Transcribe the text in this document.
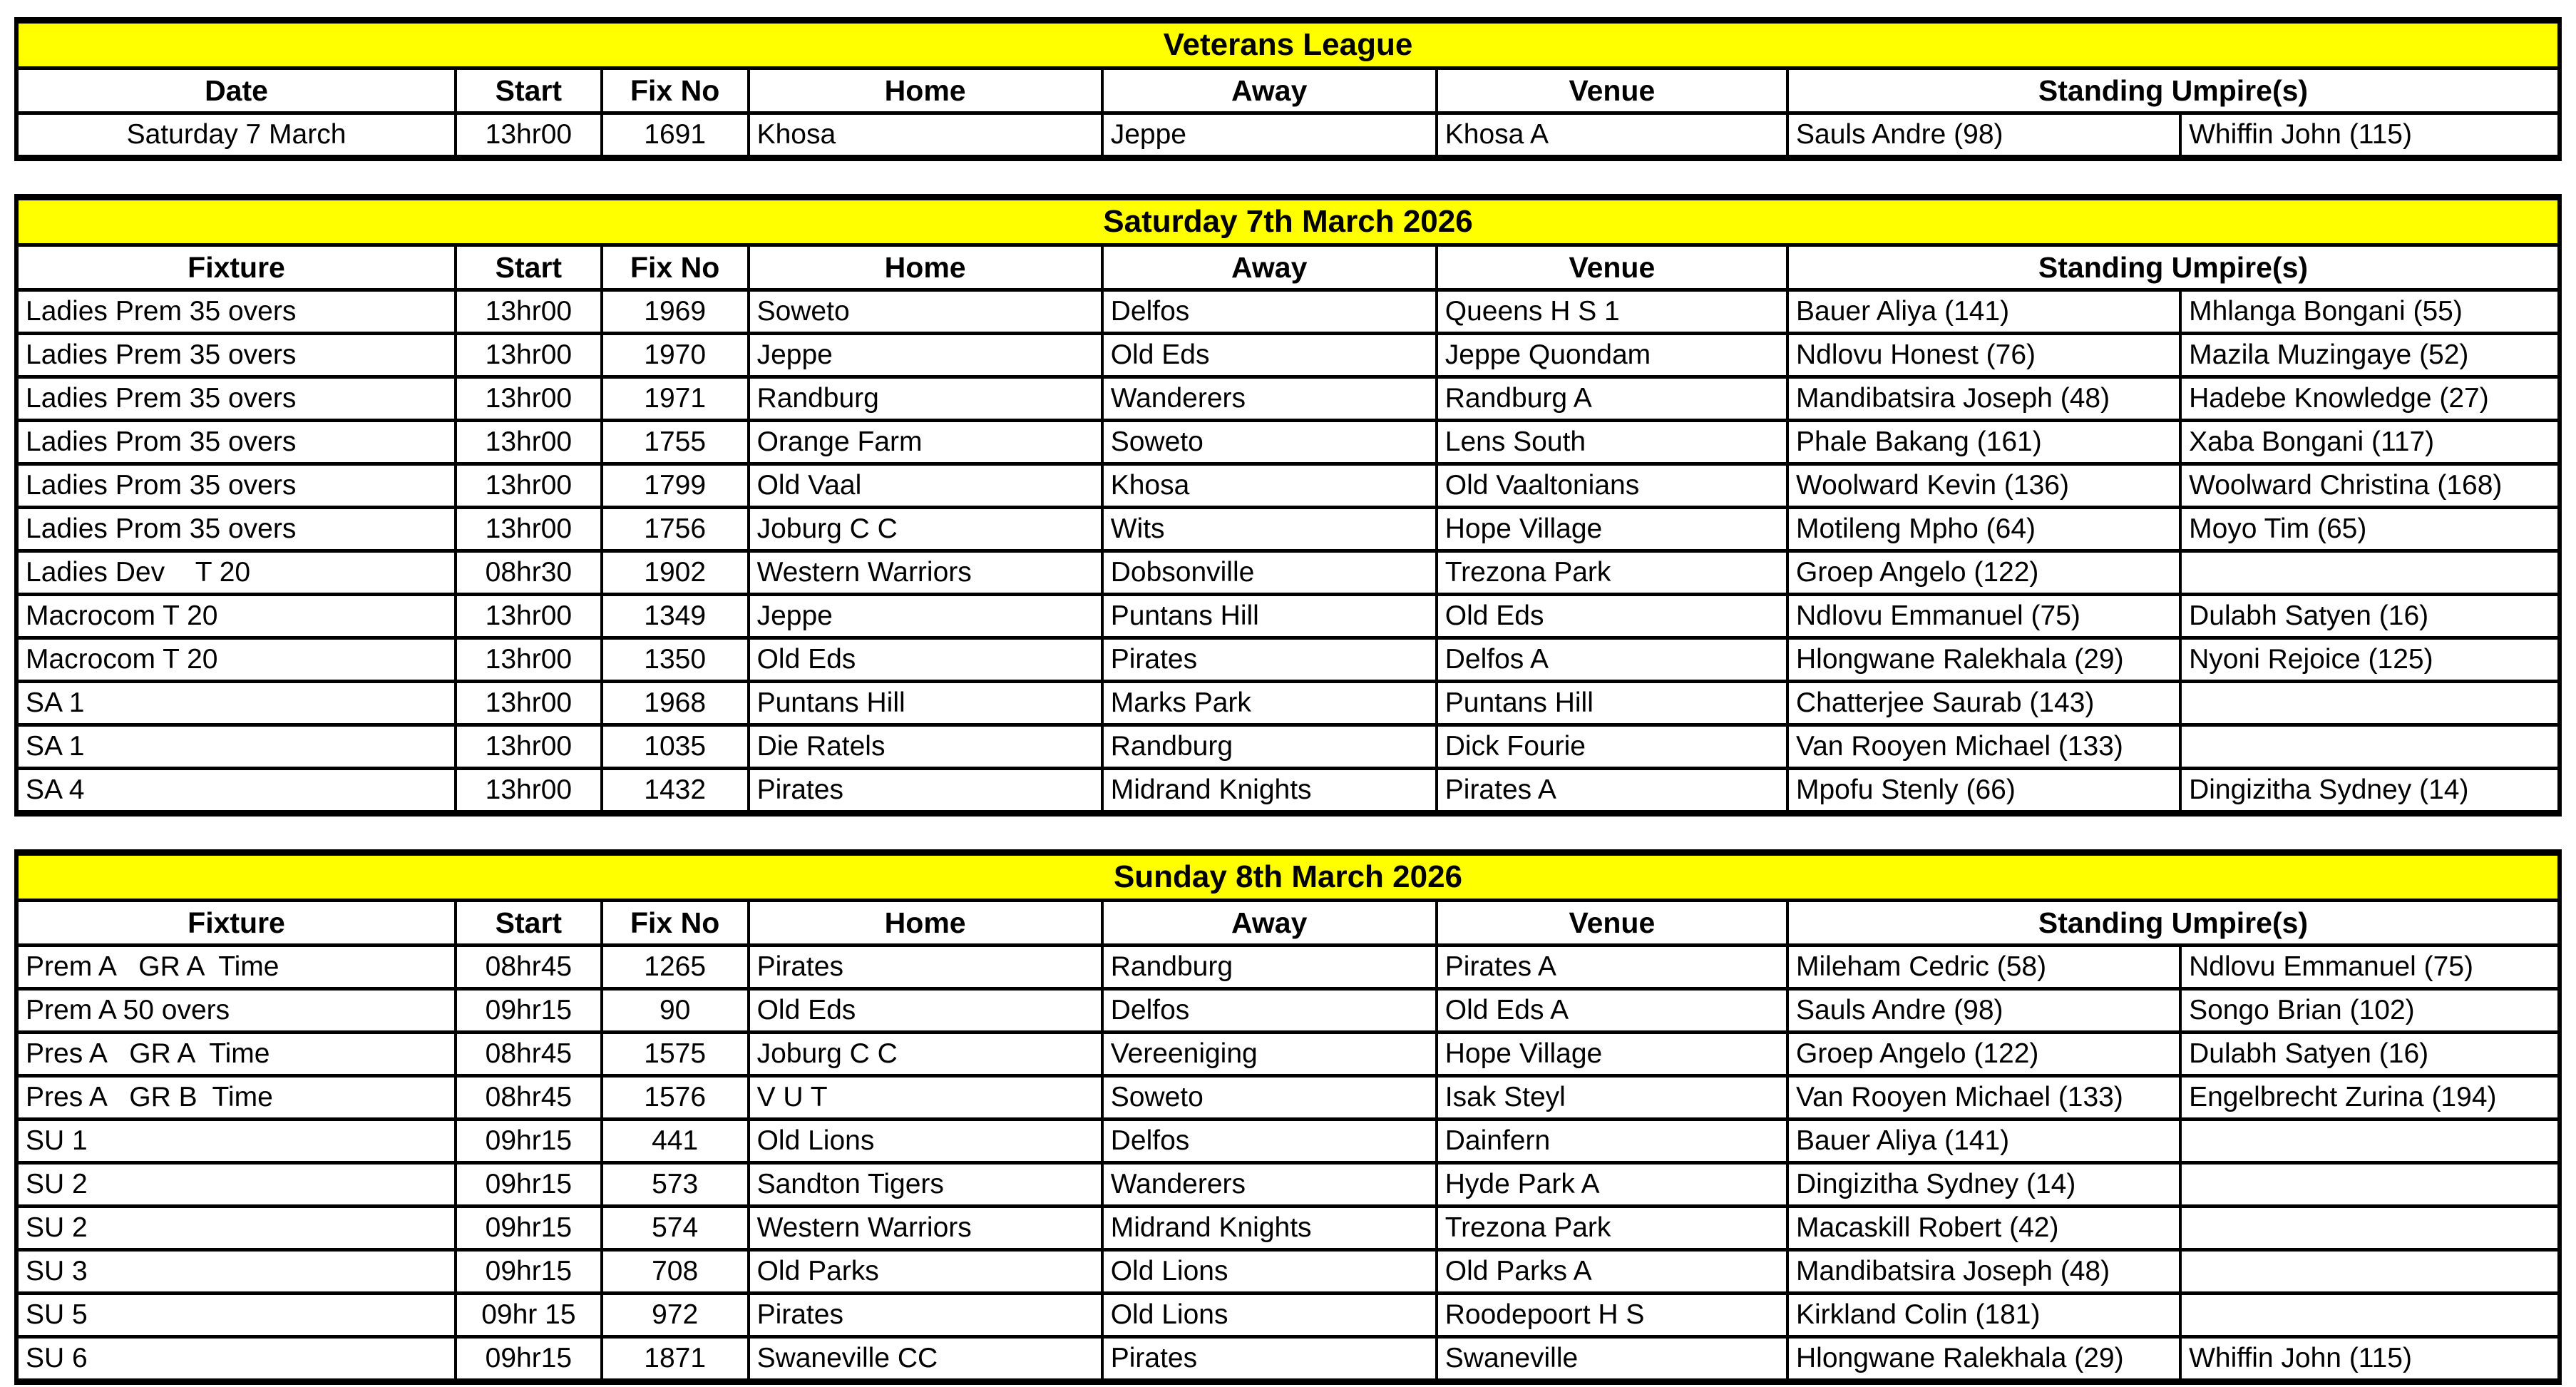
Veterans League							
Date	Start	Fix No	Home	Away	Venue	Standing Umpire(s)	
Saturday 7 March	13hr00	1691	Khosa	Jeppe	Khosa A	Sauls Andre (98)	Whiffin John (115)
Saturday 7th March 2026							
Fixture	Start	Fix No	Home	Away	Venue	Standing Umpire(s)	
Ladies Prem 35 overs	13hr00	1969	Soweto	Delfos	Queens H S 1	Bauer Aliya (141)	Mhlanga Bongani (55)
Ladies Prem 35 overs	13hr00	1970	Jeppe	Old Eds	Jeppe Quondam	Ndlovu Honest (76)	Mazila Muzingaye (52)
Ladies Prem 35 overs	13hr00	1971	Randburg	Wanderers	Randburg A	Mandibatsira Joseph (48)	Hadebe Knowledge (27)
Ladies Prom 35 overs	13hr00	1755	Orange Farm	Soweto	Lens South	Phale Bakang (161)	Xaba Bongani (117)
Ladies Prom 35 overs	13hr00	1799	Old Vaal	Khosa	Old Vaaltonians	Woolward Kevin (136)	Woolward Christina (168)
Ladies Prom 35 overs	13hr00	1756	Joburg C C	Wits	Hope Village	Motileng Mpho (64)	Moyo Tim (65)
Ladies Dev    T 20	08hr30	1902	Western Warriors	Dobsonville	Trezona Park	Groep Angelo (122)	
Macrocom T 20	13hr00	1349	Jeppe	Puntans Hill	Old Eds	Ndlovu Emmanuel (75)	Dulabh Satyen (16)
Macrocom T 20	13hr00	1350	Old Eds	Pirates	Delfos A	Hlongwane Ralekhala (29)	Nyoni Rejoice (125)
SA 1	13hr00	1968	Puntans Hill	Marks Park	Puntans Hill	Chatterjee Saurab (143)	
SA 1	13hr00	1035	Die Ratels	Randburg	Dick Fourie	Van Rooyen Michael (133)	
SA 4	13hr00	1432	Pirates	Midrand Knights	Pirates A	Mpofu Stenly (66)	Dingizitha Sydney (14)
Sunday 8th March 2026							
Fixture	Start	Fix No	Home	Away	Venue	Standing Umpire(s)	
Prem A   GR A  Time	08hr45	1265	Pirates	Randburg	Pirates A	Mileham Cedric (58)	Ndlovu Emmanuel (75)
Prem A 50 overs	09hr15	90	Old Eds	Delfos	Old Eds A	Sauls Andre (98)	Songo Brian (102)
Pres A   GR A  Time	08hr45	1575	Joburg C C	Vereeniging	Hope Village	Groep Angelo (122)	Dulabh Satyen (16)
Pres A   GR B  Time	08hr45	1576	V U T	Soweto	Isak Steyl	Van Rooyen Michael (133)	Engelbrecht Zurina (194)
SU 1	09hr15	441	Old Lions	Delfos	Dainfern	Bauer Aliya (141)	
SU 2	09hr15	573	Sandton Tigers	Wanderers	Hyde Park A	Dingizitha Sydney (14)	
SU 2	09hr15	574	Western Warriors	Midrand Knights	Trezona Park	Macaskill Robert (42)	
SU 3	09hr15	708	Old Parks	Old Lions	Old Parks A	Mandibatsira Joseph (48)	
SU 5	09hr 15	972	Pirates	Old Lions	Roodepoort H S	Kirkland Colin (181)	
SU 6	09hr15	1871	Swaneville CC	Pirates	Swaneville	Hlongwane Ralekhala (29)	Whiffin John (115)
